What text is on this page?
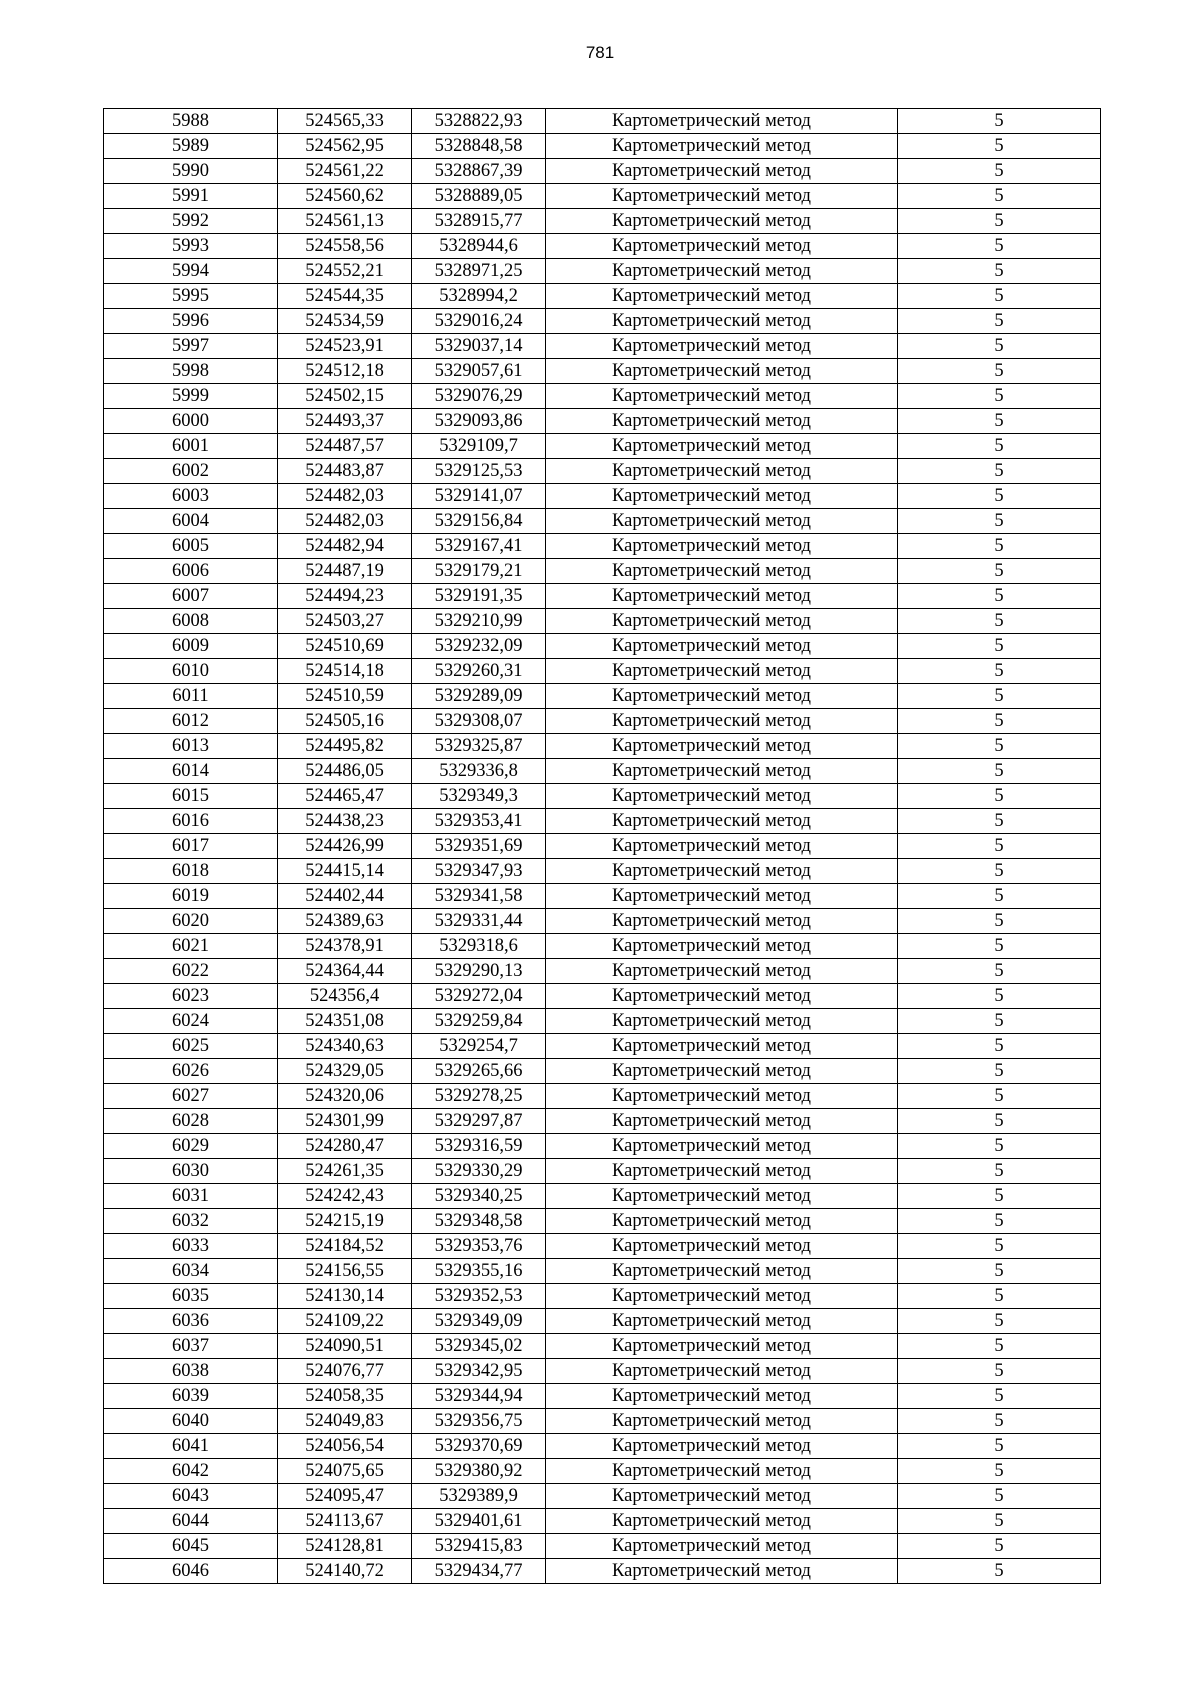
781
5988	524565,33	5328822,93	Картометрический метод	5
5989	524562,95	5328848,58	Картометрический метод	5
5990	524561,22	5328867,39	Картометрический метод	5
5991	524560,62	5328889,05	Картометрический метод	5
5992	524561,13	5328915,77	Картометрический метод	5
5993	524558,56	5328944,6	Картометрический метод	5
5994	524552,21	5328971,25	Картометрический метод	5
5995	524544,35	5328994,2	Картометрический метод	5
5996	524534,59	5329016,24	Картометрический метод	5
5997	524523,91	5329037,14	Картометрический метод	5
5998	524512,18	5329057,61	Картометрический метод	5
5999	524502,15	5329076,29	Картометрический метод	5
6000	524493,37	5329093,86	Картометрический метод	5
6001	524487,57	5329109,7	Картометрический метод	5
6002	524483,87	5329125,53	Картометрический метод	5
6003	524482,03	5329141,07	Картометрический метод	5
6004	524482,03	5329156,84	Картометрический метод	5
6005	524482,94	5329167,41	Картометрический метод	5
6006	524487,19	5329179,21	Картометрический метод	5
6007	524494,23	5329191,35	Картометрический метод	5
6008	524503,27	5329210,99	Картометрический метод	5
6009	524510,69	5329232,09	Картометрический метод	5
6010	524514,18	5329260,31	Картометрический метод	5
6011	524510,59	5329289,09	Картометрический метод	5
6012	524505,16	5329308,07	Картометрический метод	5
6013	524495,82	5329325,87	Картометрический метод	5
6014	524486,05	5329336,8	Картометрический метод	5
6015	524465,47	5329349,3	Картометрический метод	5
6016	524438,23	5329353,41	Картометрический метод	5
6017	524426,99	5329351,69	Картометрический метод	5
6018	524415,14	5329347,93	Картометрический метод	5
6019	524402,44	5329341,58	Картометрический метод	5
6020	524389,63	5329331,44	Картометрический метод	5
6021	524378,91	5329318,6	Картометрический метод	5
6022	524364,44	5329290,13	Картометрический метод	5
6023	524356,4	5329272,04	Картометрический метод	5
6024	524351,08	5329259,84	Картометрический метод	5
6025	524340,63	5329254,7	Картометрический метод	5
6026	524329,05	5329265,66	Картометрический метод	5
6027	524320,06	5329278,25	Картометрический метод	5
6028	524301,99	5329297,87	Картометрический метод	5
6029	524280,47	5329316,59	Картометрический метод	5
6030	524261,35	5329330,29	Картометрический метод	5
6031	524242,43	5329340,25	Картометрический метод	5
6032	524215,19	5329348,58	Картометрический метод	5
6033	524184,52	5329353,76	Картометрический метод	5
6034	524156,55	5329355,16	Картометрический метод	5
6035	524130,14	5329352,53	Картометрический метод	5
6036	524109,22	5329349,09	Картометрический метод	5
6037	524090,51	5329345,02	Картометрический метод	5
6038	524076,77	5329342,95	Картометрический метод	5
6039	524058,35	5329344,94	Картометрический метод	5
6040	524049,83	5329356,75	Картометрический метод	5
6041	524056,54	5329370,69	Картометрический метод	5
6042	524075,65	5329380,92	Картометрический метод	5
6043	524095,47	5329389,9	Картометрический метод	5
6044	524113,67	5329401,61	Картометрический метод	5
6045	524128,81	5329415,83	Картометрический метод	5
6046	524140,72	5329434,77	Картометрический метод	5
